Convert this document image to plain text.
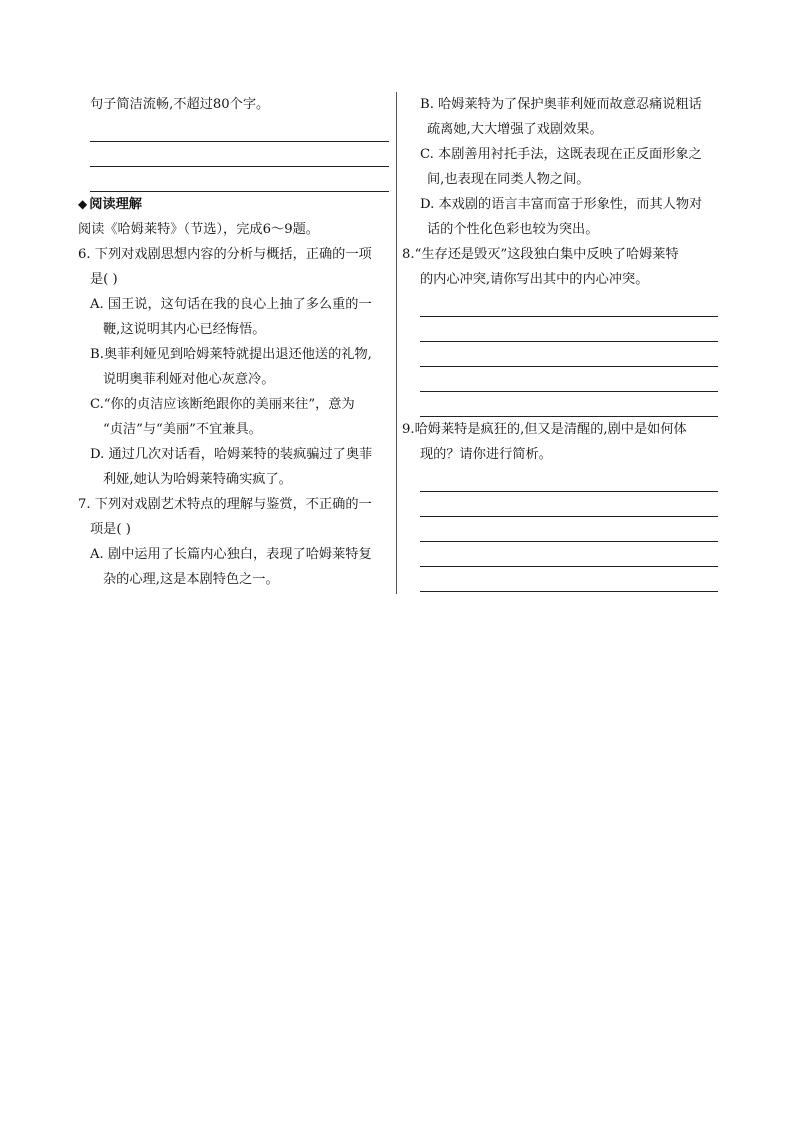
句子简洁流畅,不超过80个字。
◆ 阅读理解
阅读《哈姆莱特》（节选），完成6～9题。
6. 下列对戏剧思想内容的分析与概括，正确的一项
是( )
A. 国王说，这句话在我的良心上抽了多么重的一
鞭,这说明其内心已经悔悟。
B.奥菲利娅见到哈姆莱特就提出退还他送的礼物,
说明奥菲利娅对他心灰意冷。
C.“你的贞洁应该断绝跟你的美丽来往”，意为
“贞洁”与“美丽”不宜兼具。
D. 通过几次对话看，哈姆莱特的装疯骗过了奥菲
利娅,她认为哈姆莱特确实疯了。
7. 下列对戏剧艺术特点的理解与鉴赏，不正确的一
项是( )
A. 剧中运用了长篇内心独白，表现了哈姆莱特复
杂的心理,这是本剧特色之一。
B. 哈姆莱特为了保护奥菲利娅而故意忍痛说粗话
疏离她,大大增强了戏剧效果。
C. 本剧善用衬托手法，这既表现在正反面形象之
间,也表现在同类人物之间。
D. 本戏剧的语言丰富而富于形象性，而其人物对
话的个性化色彩也较为突出。
8.“生存还是毁灭”这段独白集中反映了哈姆莱特
的内心冲突,请你写出其中的内心冲突。
9.哈姆莱特是疯狂的,但又是清醒的,剧中是如何体
现的？请你进行简析。
